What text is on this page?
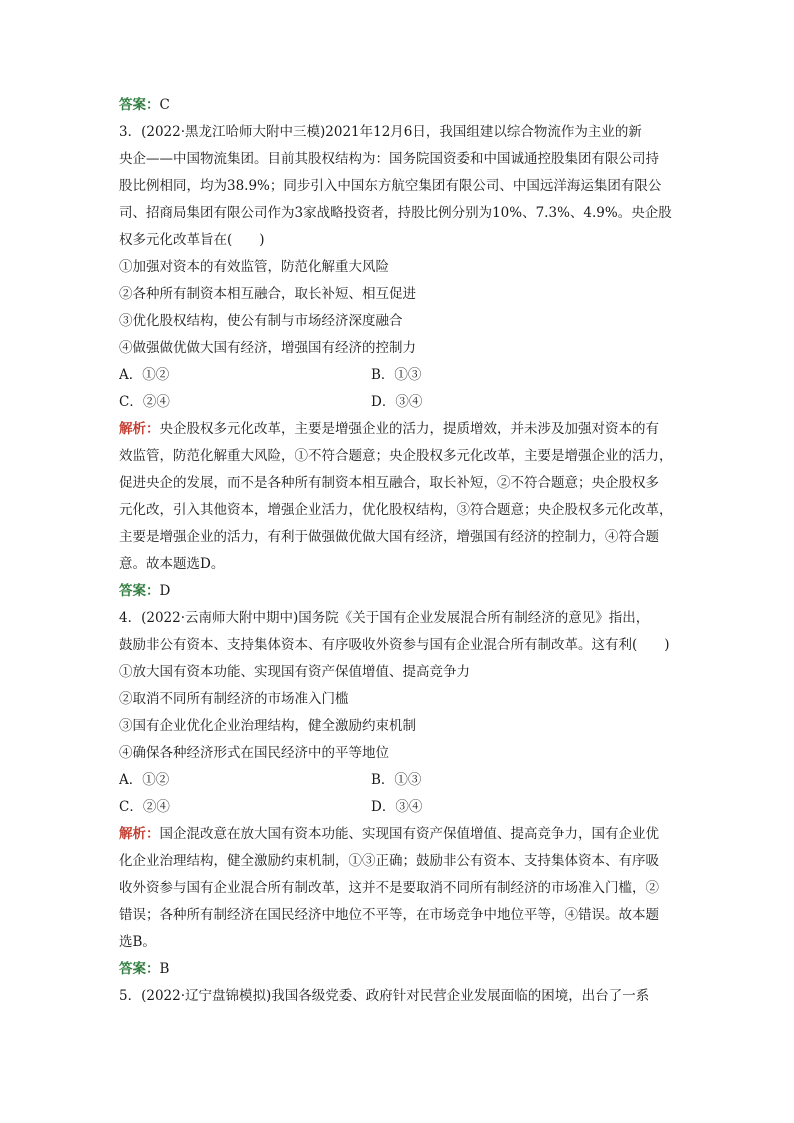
答案：C
3．(2022·黑龙江哈师大附中三模)2021年12月6日，我国组建以综合物流作为主业的新
央企——中国物流集团。目前其股权结构为：国务院国资委和中国诚通控股集团有限公司持
股比例相同，均为38.9%；同步引入中国东方航空集团有限公司、中国远洋海运集团有限公
司、招商局集团有限公司作为3家战略投资者，持股比例分别为10%、7.3%、4.9%。央企股
权多元化改革旨在(　　)
①加强对资本的有效监管，防范化解重大风险
②各种所有制资本相互融合，取长补短、相互促进
③优化股权结构，使公有制与市场经济深度融合
④做强做优做大国有经济，增强国有经济的控制力
A．①②	B．①③
C．②④	D．③④
解析：央企股权多元化改革，主要是增强企业的活力，提质增效，并未涉及加强对资本的有
效监管，防范化解重大风险，①不符合题意；央企股权多元化改革，主要是增强企业的活力，
促进央企的发展，而不是各种所有制资本相互融合，取长补短，②不符合题意；央企股权多
元化改，引入其他资本，增强企业活力，优化股权结构，③符合题意；央企股权多元化改革，
主要是增强企业的活力，有利于做强做优做大国有经济，增强国有经济的控制力，④符合题
意。故本题选D。
答案：D
4．(2022·云南师大附中期中)国务院《关于国有企业发展混合所有制经济的意见》指出，
鼓励非公有资本、支持集体资本、有序吸收外资参与国有企业混合所有制改革。这有利(　　)
①放大国有资本功能、实现国有资产保值增值、提高竞争力
②取消不同所有制经济的市场准入门槛
③国有企业优化企业治理结构，健全激励约束机制
④确保各种经济形式在国民经济中的平等地位
A．①②	B．①③
C．②④	D．③④
解析：国企混改意在放大国有资本功能、实现国有资产保值增值、提高竞争力，国有企业优
化企业治理结构，健全激励约束机制，①③正确；鼓励非公有资本、支持集体资本、有序吸
收外资参与国有企业混合所有制改革，这并不是要取消不同所有制经济的市场准入门槛，②
错误；各种所有制经济在国民经济中地位不平等，在市场竞争中地位平等，④错误。故本题
选B。
答案：B
5．(2022·辽宁盘锦模拟)我国各级党委、政府针对民营企业发展面临的困境，出台了一系
